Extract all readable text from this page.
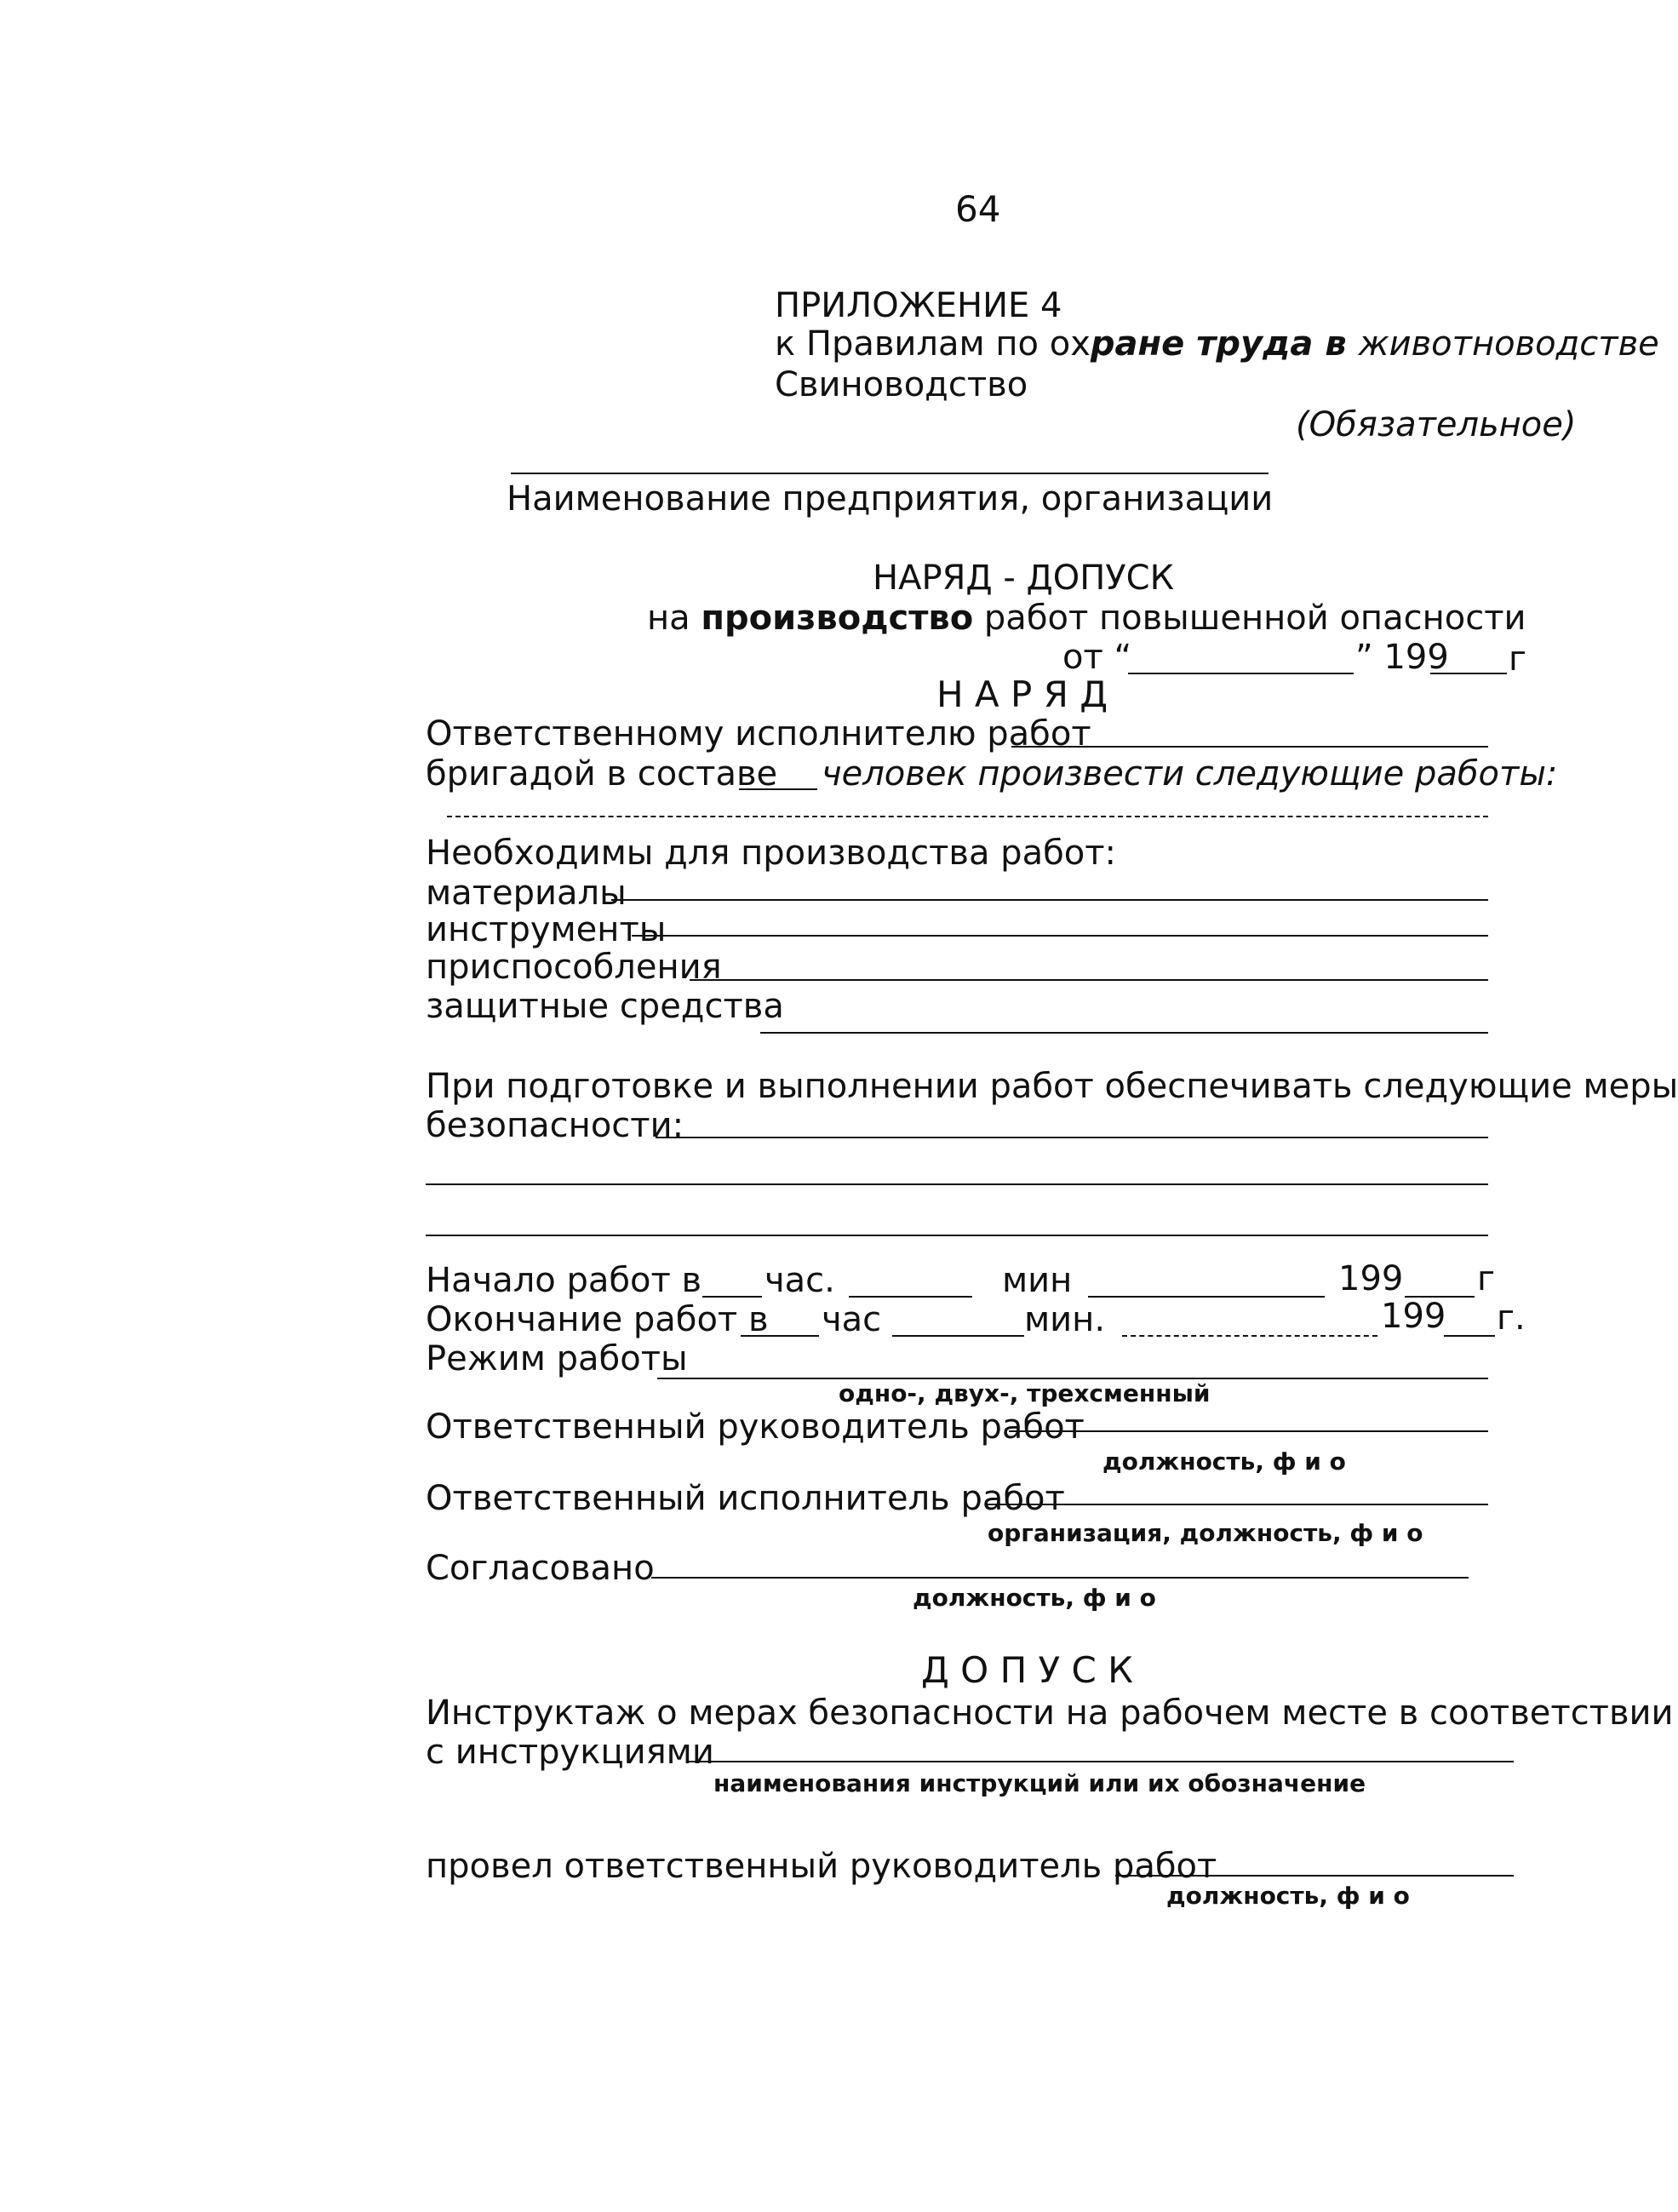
64
ПРИЛОЖЕНИЕ 4
к Правилам по охране труда в животноводстве
Свиноводство
(Обязательное)
Наименование предприятия, организации
НАРЯД - ДОПУСК
на производство работ повышенной опасности
от “	” 199 г
Н А Р Я Д
Ответственному исполнителю работ
бригадой в составе человек произвести следующие работы:
Необходимы для производства работ:
материалы
инструменты
приспособления
защитные средства
При подготовке и выполнении работ обеспечивать следующие меры
безопасности:
Начало работ в час.	мин	199 г
Окончание работ в час	мин.	199 г.
Режим работы
одно-, двух-, трехсменный
Ответственный руководитель работ
должность, ф и о
Ответственный исполнитель работ
организация, должность, ф и о
Согласовано
должность, ф и о
Д О П У С К
Инструктаж о мерах безопасности на рабочем месте в соответствии
с инструкциями
наименования инструкций или их обозначение
провел ответственный руководитель работ
должность, ф и о
